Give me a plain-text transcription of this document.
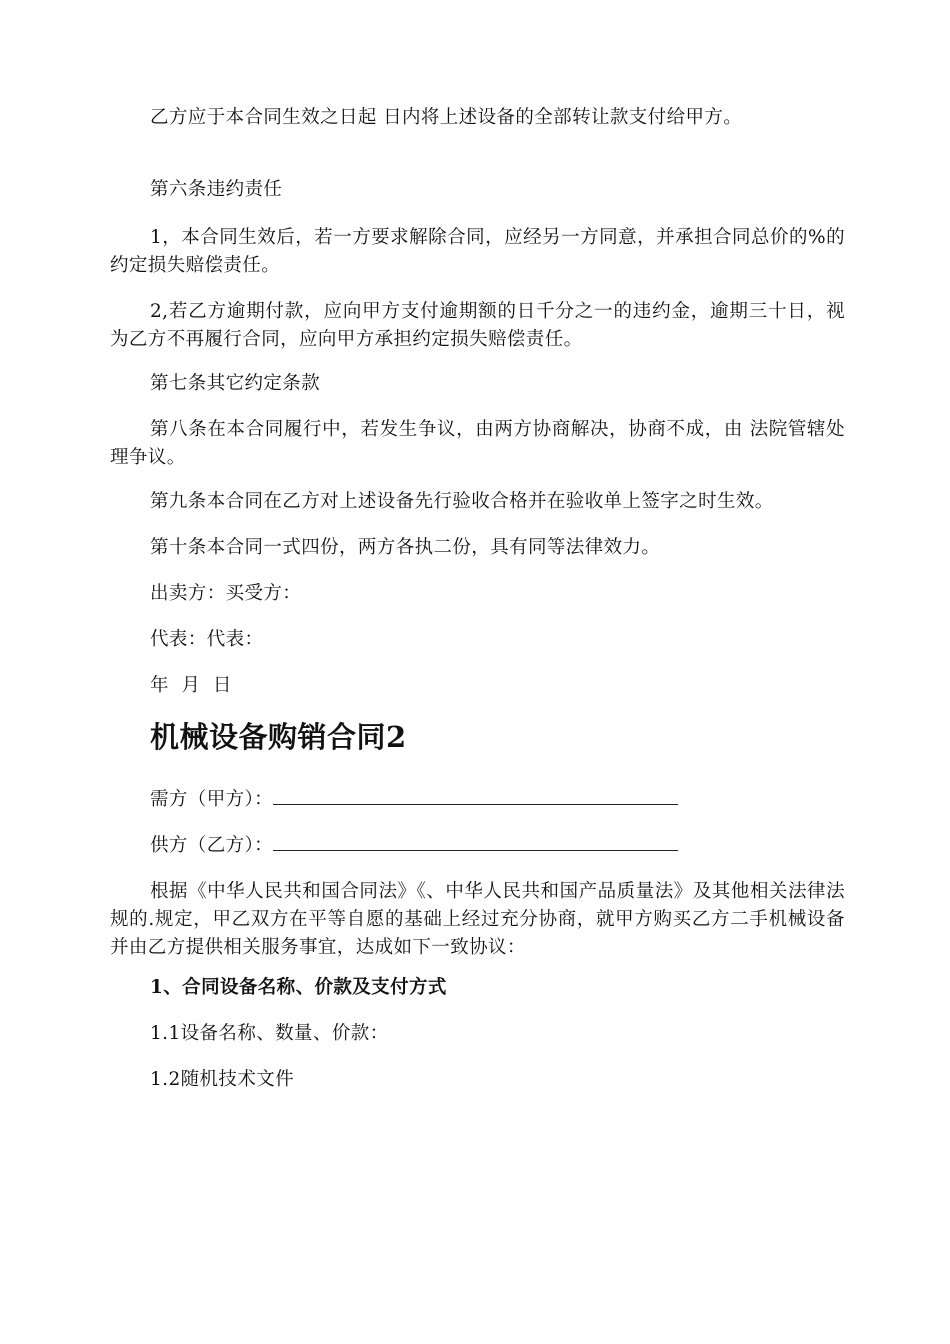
乙方应于本合同生效之日起 日内将上述设备的全部转让款支付给甲方。

第六条违约责任

1，本合同生效后，若一方要求解除合同，应经另一方同意，并承担合同总价的%的约定损失赔偿责任。

2,若乙方逾期付款，应向甲方支付逾期额的日千分之一的违约金，逾期三十日，视为乙方不再履行合同，应向甲方承担约定损失赔偿责任。

第七条其它约定条款

第八条在本合同履行中，若发生争议，由两方协商解决，协商不成，由 法院管辖处理争议。

第九条本合同在乙方对上述设备先行验收合格并在验收单上签字之时生效。

第十条本合同一式四份，两方各执二份，具有同等法律效力。

出卖方：买受方：

代表：代表：

年  月  日

机械设备购销合同2

需方（甲方）：

供方（乙方）：

根据《中华人民共和国合同法》《、中华人民共和国产品质量法》及其他相关法律法规的.规定，甲乙双方在平等自愿的基础上经过充分协商，就甲方购买乙方二手机械设备并由乙方提供相关服务事宜，达成如下一致协议：

1、合同设备名称、价款及支付方式

1.1设备名称、数量、价款：

1.2随机技术文件
